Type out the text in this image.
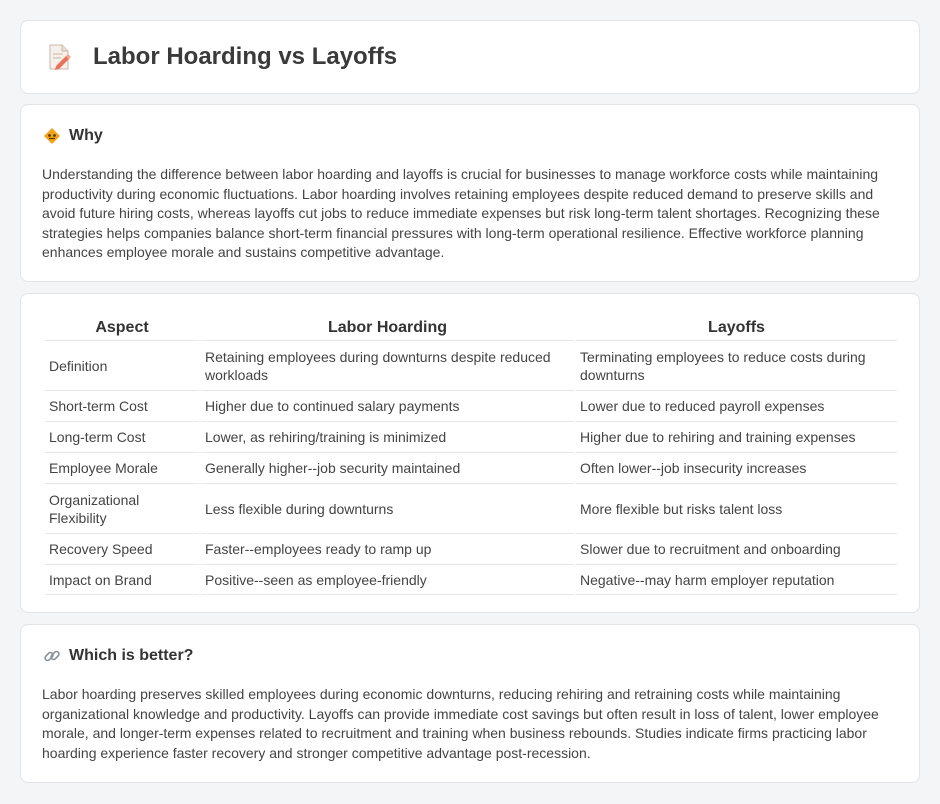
Labor Hoarding vs Layoffs
Why

Understanding the difference between labor hoarding and layoffs is crucial for businesses to manage workforce costs while maintaining productivity during economic fluctuations. Labor hoarding involves retaining employees despite reduced demand to preserve skills and avoid future hiring costs, whereas layoffs cut jobs to reduce immediate expenses but risk long-term talent shortages. Recognizing these strategies helps companies balance short-term financial pressures with long-term operational resilience. Effective workforce planning enhances employee morale and sustains competitive advantage.

Aspect	Labor Hoarding	Layoffs
Definition	Retaining employees during downturns despite reduced workloads	Terminating employees to reduce costs during downturns
Short-term Cost	Higher due to continued salary payments	Lower due to reduced payroll expenses
Long-term Cost	Lower, as rehiring/training is minimized	Higher due to rehiring and training expenses
Employee Morale	Generally higher--job security maintained	Often lower--job insecurity increases
Organizational Flexibility	Less flexible during downturns	More flexible but risks talent loss
Recovery Speed	Faster--employees ready to ramp up	Slower due to recruitment and onboarding
Impact on Brand	Positive--seen as employee-friendly	Negative--may harm employer reputation
Which is better?

Labor hoarding preserves skilled employees during economic downturns, reducing rehiring and retraining costs while maintaining organizational knowledge and productivity. Layoffs can provide immediate cost savings but often result in loss of talent, lower employee morale, and longer-term expenses related to recruitment and training when business rebounds. Studies indicate firms practicing labor hoarding experience faster recovery and stronger competitive advantage post-recession.
